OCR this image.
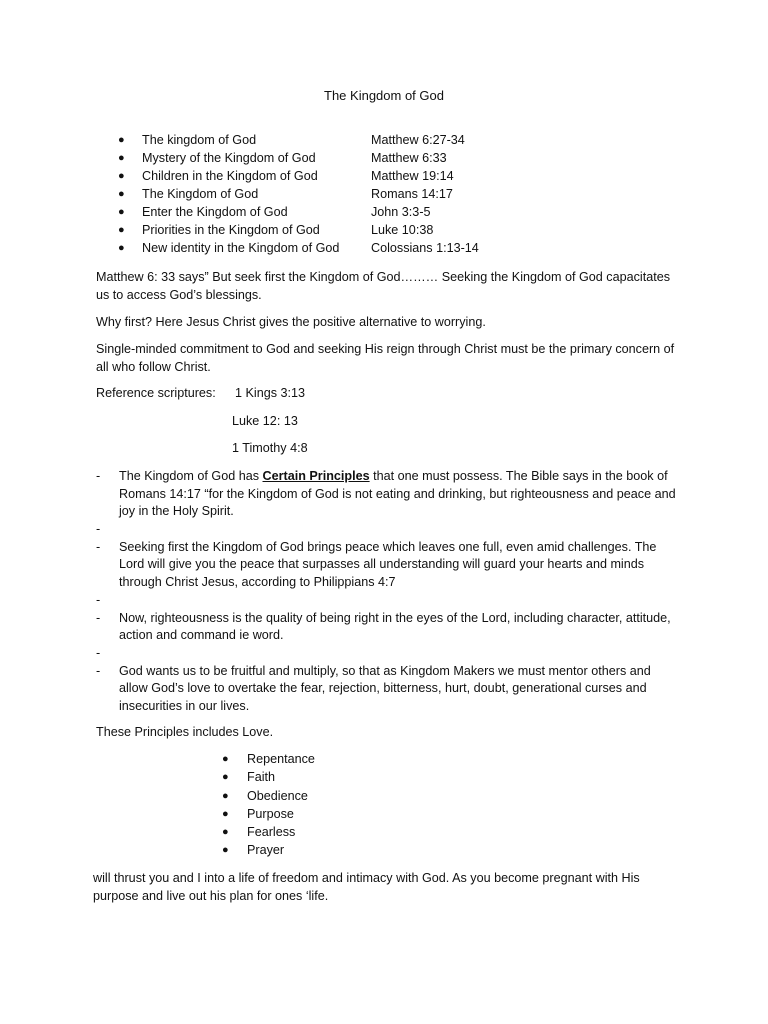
The Kingdom of God
● The kingdom of God	Matthew 6:27-34
● Mystery of the Kingdom of God	Matthew 6:33
● Children in the Kingdom of God	Matthew 19:14
● The Kingdom of God	Romans 14:17
● Enter the Kingdom of God	John 3:3-5
● Priorities in the Kingdom of God	Luke 10:38
● New identity in the Kingdom of God	Colossians 1:13-14

Matthew 6: 33 says” But seek first the Kingdom of God……… Seeking the Kingdom of God capacitates us to access God’s blessings.

Why first? Here Jesus Christ gives the positive alternative to worrying.

Single-minded commitment to God and seeking His reign through Christ must be the primary concern of all who follow Christ.

Reference scriptures: 1 Kings 3:13
Luke 12: 13
1 Timothy 4:8
- The Kingdom of God has Certain Principles that one must possess. The Bible says in the book of Romans 14:17 “for the Kingdom of God is not eating and drinking, but righteousness and peace and joy in the Holy Spirit.
-
- Seeking first the Kingdom of God brings peace which leaves one full, even amid challenges. The Lord will give you the peace that surpasses all understanding will guard your hearts and minds through Christ Jesus, according to Philippians 4:7
-
- Now, righteousness is the quality of being right in the eyes of the Lord, including character, attitude, action and command ie word.
-
- God wants us to be fruitful and multiply, so that as Kingdom Makers we must mentor others and allow God’s love to overtake the fear, rejection, bitterness, hurt, doubt, generational curses and insecurities in our lives.
These Principles includes Love.
● Repentance
● Faith
● Obedience
● Purpose
● Fearless
● Prayer

will thrust you and I into a life of freedom and intimacy with God. As you become pregnant with His purpose and live out his plan for ones ‘life.
